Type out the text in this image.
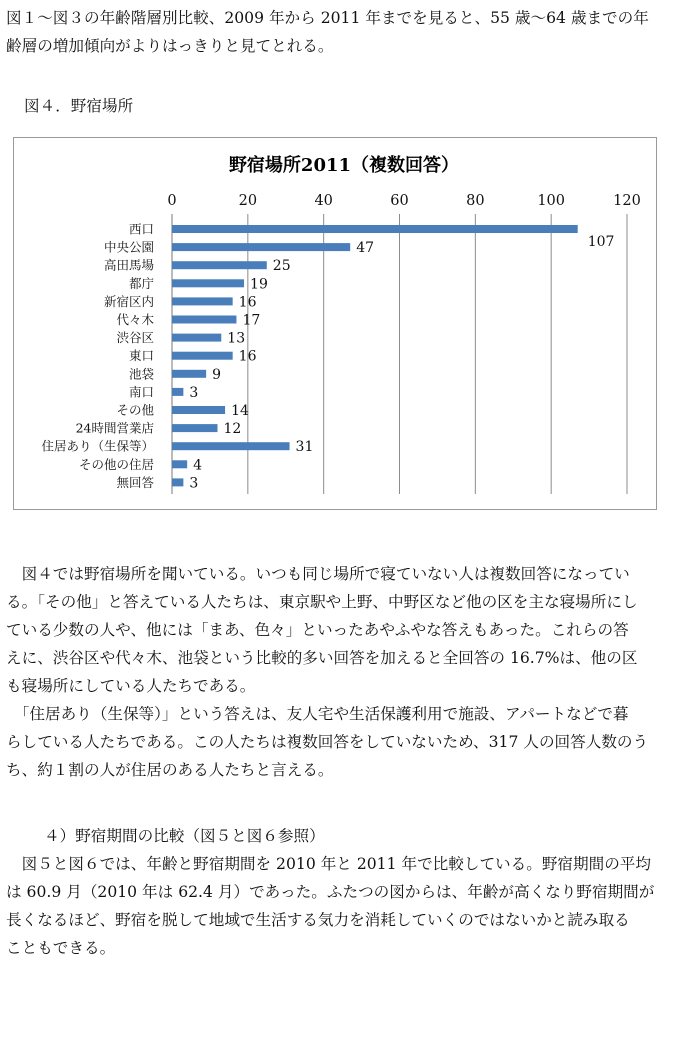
図１〜図３の年齢階層別比較、2009 年から 2011 年までを見ると、55 歳〜64 歳までの年
齢層の増加傾向がよりはっきりと見てとれる。

図４．野宿場所

野宿場所2011（複数回答）
0	20	40	60	80	100	120
西口
中央公園
高田馬場
都庁
新宿区内
代々木
渋谷区
東口
池袋
南口
その他
24時間営業店
住居あり（生保等）
その他の住居
無回答
107
47
25
19
16
17
13
16
9
3
14
12
31
4
3
　図４では野宿場所を聞いている。いつも同じ場所で寝ていない人は複数回答になってい
る。「その他」と答えている人たちは、東京駅や上野、中野区など他の区を主な寝場所にし
ている少数の人や、他には「まあ、色々」といったあやふやな答えもあった。これらの答
えに、渋谷区や代々木、池袋という比較的多い回答を加えると全回答の 16.7%は、他の区
も寝場所にしている人たちである。
　「住居あり（生保等）」という答えは、友人宅や生活保護利用で施設、アパートなどで暮
らしている人たちである。この人たちは複数回答をしていないため、317 人の回答人数のう
ち、約１割の人が住居のある人たちと言える。

４）野宿期間の比較（図５と図６参照）

　図５と図６では、年齢と野宿期間を 2010 年と 2011 年で比較している。野宿期間の平均
は 60.9 月（2010 年は 62.4 月）であった。ふたつの図からは、年齢が高くなり野宿期間が
長くなるほど、野宿を脱して地域で生活する気力を消耗していくのではないかと読み取る
こともできる。
